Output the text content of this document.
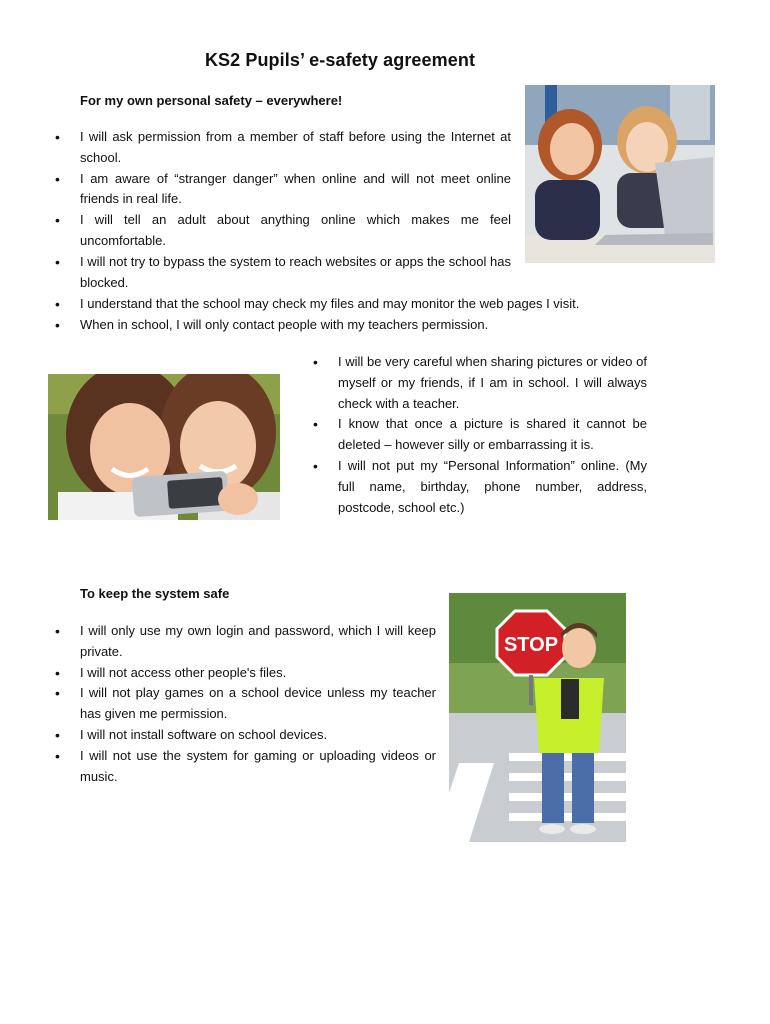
KS2 Pupils’ e-safety agreement
For my own personal safety – everywhere!
• I will ask permission from a member of staff before using the Internet at school.
• I am aware of “stranger danger” when online and will not meet online friends in real life.
• I will tell an adult about anything online which makes me feel uncomfortable.
• I will not try to bypass the system to reach websites or apps the school has blocked.
• I understand that the school may check my files and may monitor the web pages I visit.
• When in school, I will only contact people with my teachers permission.
• I will be very careful when sharing pictures or video of myself or my friends, if I am in school. I will always check with a teacher.
• I know that once a picture is shared it cannot be deleted – however silly or embarrassing it is.
• I will not put my “Personal Information” online. (My full name, birthday, phone number, address, postcode, school etc.)
To keep the system safe
• I will only use my own login and password, which I will keep private.
• I will not access other people's files.
• I will not play games on a school device unless my teacher has given me permission.
• I will not install software on school devices.
• I will not use the system for gaming or uploading videos or music.
STOP
